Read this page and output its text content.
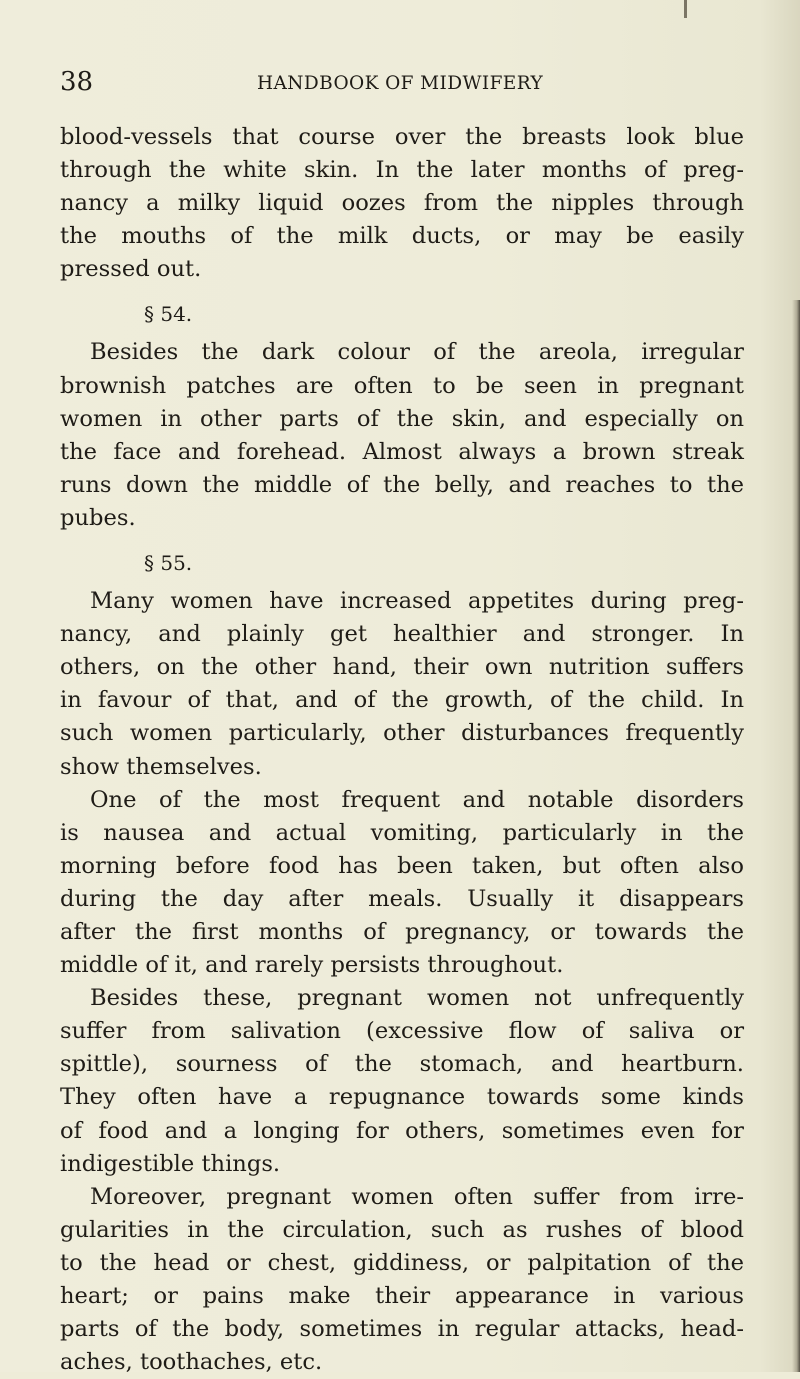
38	HANDBOOK OF MIDWIFERY
blood-vessels that course over the breasts look blue
through the white skin. In the later months of preg-
nancy a milky liquid oozes from the nipples through
the mouths of the milk ducts, or may be easily
pressed out.
§ 54.
Besides the dark colour of the areola, irregular
brownish patches are often to be seen in pregnant
women in other parts of the skin, and especially on
the face and forehead. Almost always a brown streak
runs down the middle of the belly, and reaches to the
pubes.
§ 55.
Many women have increased appetites during preg-
nancy, and plainly get healthier and stronger. In
others, on the other hand, their own nutrition suffers
in favour of that, and of the growth, of the child. In
such women particularly, other disturbances frequently
show themselves.
One of the most frequent and notable disorders
is nausea and actual vomiting, particularly in the
morning before food has been taken, but often also
during the day after meals. Usually it disappears
after the first months of pregnancy, or towards the
middle of it, and rarely persists throughout.
Besides these, pregnant women not unfrequently
suffer from salivation (excessive flow of saliva or
spittle), sourness of the stomach, and heartburn.
They often have a repugnance towards some kinds
of food and a longing for others, sometimes even for
indigestible things.
Moreover, pregnant women often suffer from irre-
gularities in the circulation, such as rushes of blood
to the head or chest, giddiness, or palpitation of the
heart; or pains make their appearance in various
parts of the body, sometimes in regular attacks, head-
aches, toothaches, etc.
